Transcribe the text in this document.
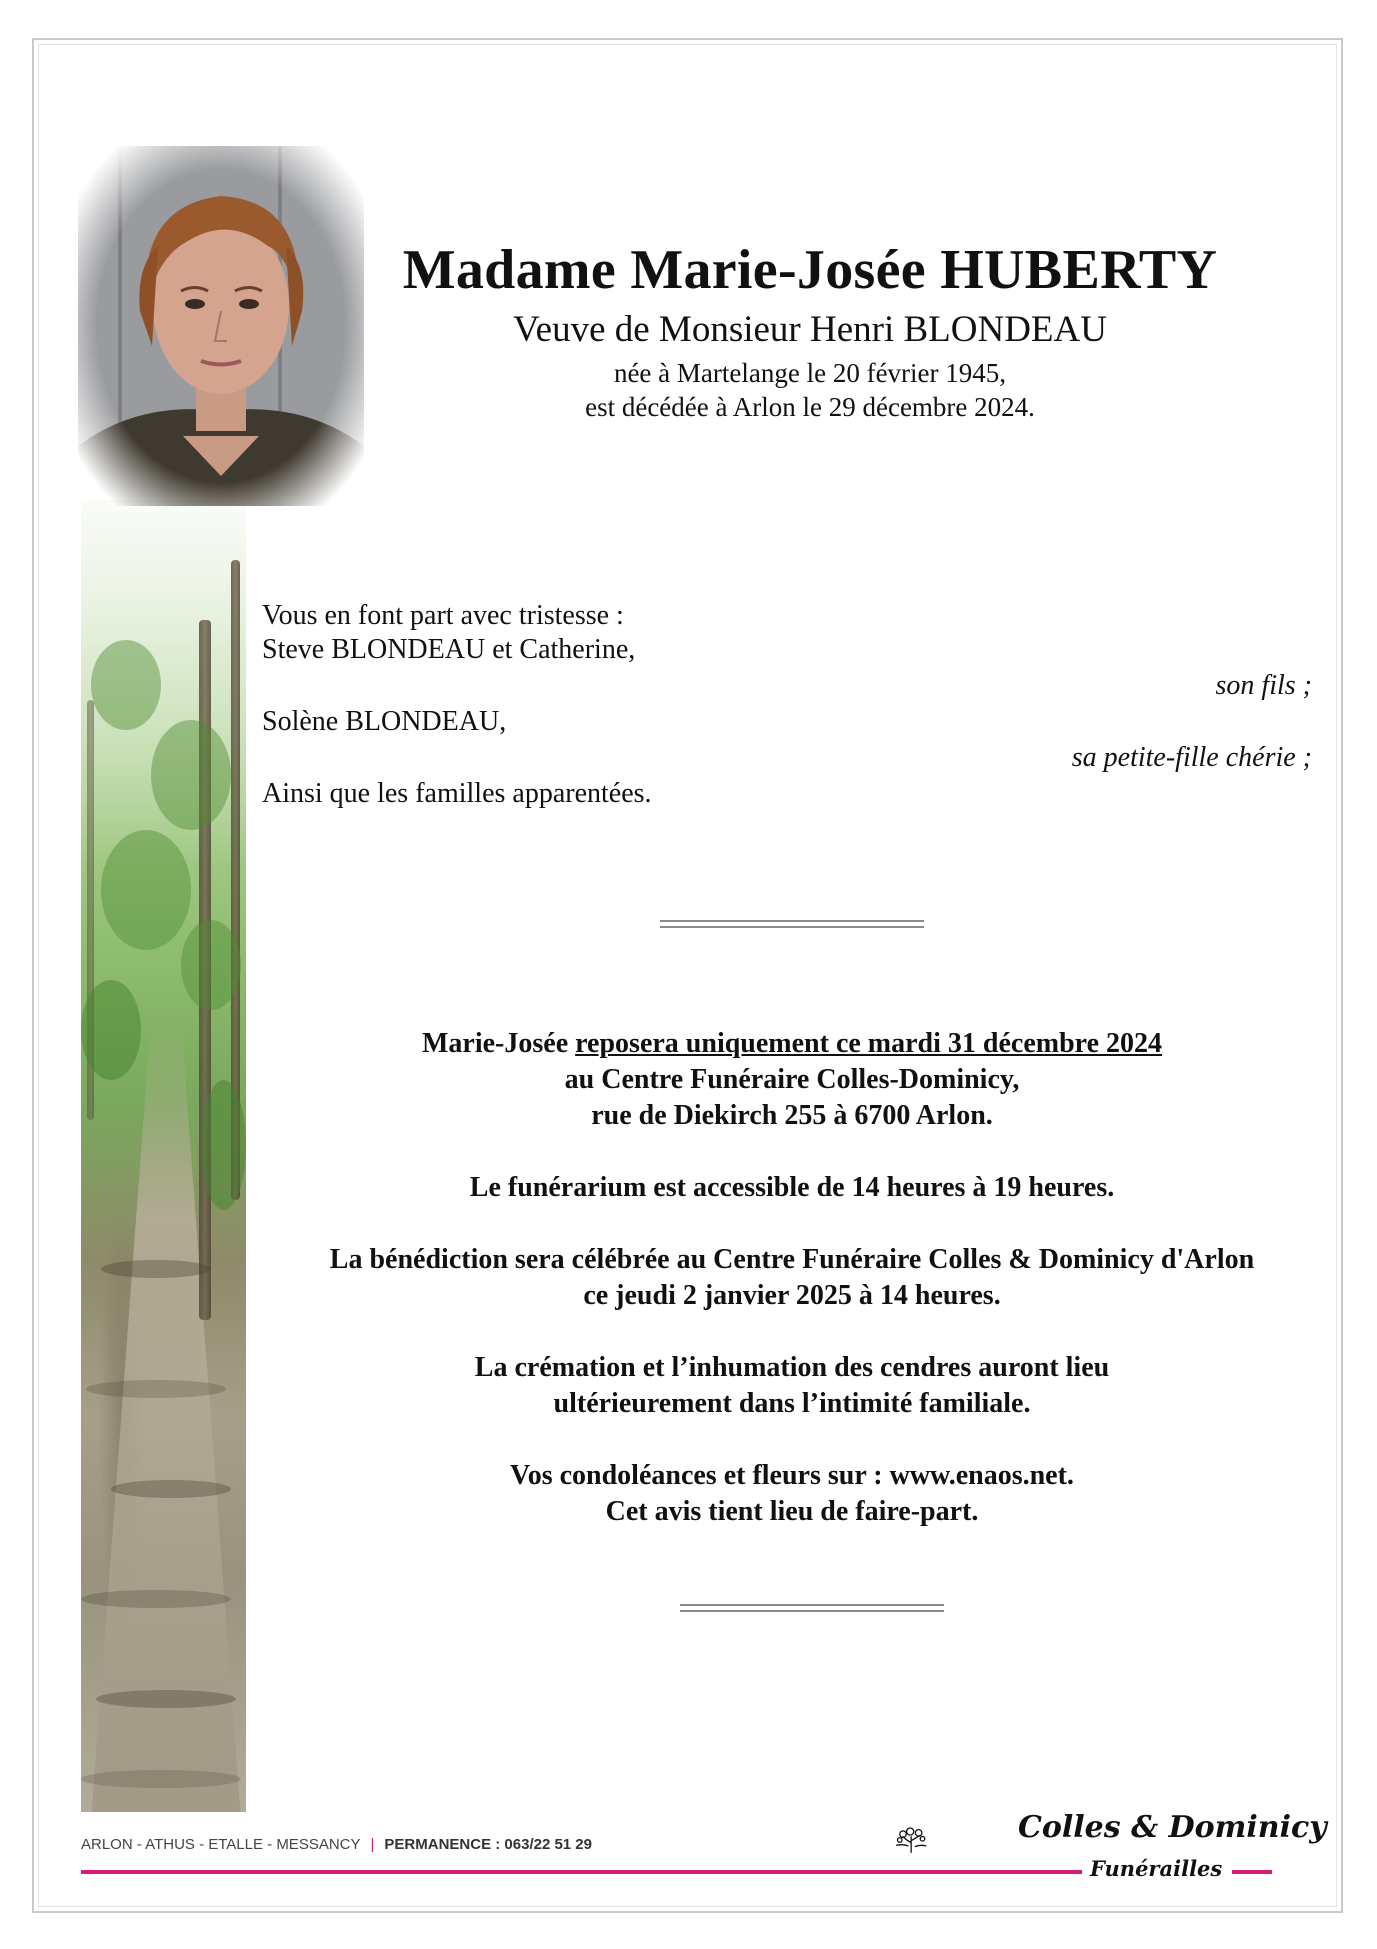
Madame Marie-Josée HUBERTY
Veuve de Monsieur Henri BLONDEAU
née à Martelange le 20 février 1945,
est décédée à Arlon le 29 décembre 2024.
Vous en font part avec tristesse :
Steve BLONDEAU et Catherine,
son fils ;
Solène BLONDEAU,
sa petite-fille chérie ;
Ainsi que les familles apparentées.
Marie-Josée reposera uniquement ce mardi 31 décembre 2024
au Centre Funéraire Colles-Dominicy,
rue de Diekirch 255 à 6700 Arlon.
Le funérarium est accessible de 14 heures à 19 heures.
La bénédiction sera célébrée au Centre Funéraire Colles & Dominicy d'Arlon
ce jeudi 2 janvier 2025 à 14 heures.
La crémation et l’inhumation des cendres auront lieu
ultérieurement dans l’intimité familiale.
Vos condoléances et fleurs sur : www.enaos.net.
Cet avis tient lieu de faire-part.
ARLON - ATHUS - ETALLE - MESSANCY | PERMANENCE : 063/22 51 29	Colles & Dominicy
Funérailles
